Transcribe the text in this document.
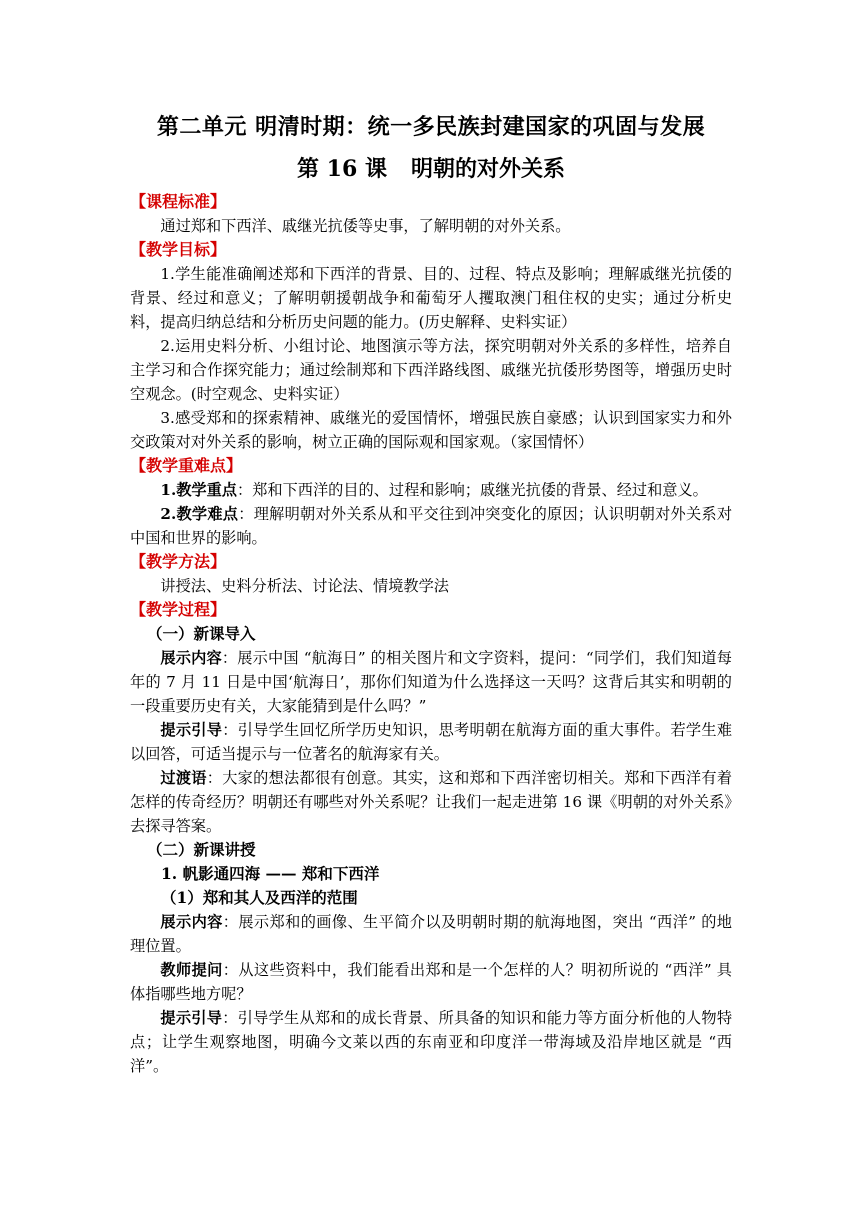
第二单元 明清时期：统一多民族封建国家的巩固与发展
第 16 课 明朝的对外关系

【课程标准】

通过郑和下西洋、戚继光抗倭等史事，了解明朝的对外关系。

【教学目标】

1.学生能准确阐述郑和下西洋的背景、目的、过程、特点及影响；理解戚继光抗倭的背景、经过和意义；了解明朝援朝战争和葡萄牙人攫取澳门租住权的史实；通过分析史料，提高归纳总结和分析历史问题的能力。(历史解释、史料实证）

2.运用史料分析、小组讨论、地图演示等方法，探究明朝对外关系的多样性，培养自主学习和合作探究能力；通过绘制郑和下西洋路线图、戚继光抗倭形势图等，增强历史时空观念。(时空观念、史料实证）

3.感受郑和的探索精神、戚继光的爱国情怀，增强民族自豪感；认识到国家实力和外交政策对对外关系的影响，树立正确的国际观和国家观。（家国情怀）

【教学重难点】

1.教学重点：郑和下西洋的目的、过程和影响；戚继光抗倭的背景、经过和意义。

2.教学难点：理解明朝对外关系从和平交往到冲突变化的原因；认识明朝对外关系对中国和世界的影响。

【教学方法】

讲授法、史料分析法、讨论法、情境教学法

【教学过程】

（一）新课导入

展示内容：展示中国 “航海日” 的相关图片和文字资料，提问：“同学们，我们知道每年的 7 月 11 日是中国‘航海日’，那你们知道为什么选择这一天吗？这背后其实和明朝的一段重要历史有关，大家能猜到是什么吗？”

提示引导：引导学生回忆所学历史知识，思考明朝在航海方面的重大事件。若学生难以回答，可适当提示与一位著名的航海家有关。

过渡语：大家的想法都很有创意。其实，这和郑和下西洋密切相关。郑和下西洋有着怎样的传奇经历？明朝还有哪些对外关系呢？让我们一起走进第 16 课《明朝的对外关系》去探寻答案。

（二）新课讲授

1. 帆影通四海 —— 郑和下西洋

（1）郑和其人及西洋的范围

展示内容：展示郑和的画像、生平简介以及明朝时期的航海地图，突出 “西洋” 的地理位置。

教师提问：从这些资料中，我们能看出郑和是一个怎样的人？明初所说的 “西洋” 具体指哪些地方呢？

提示引导：引导学生从郑和的成长背景、所具备的知识和能力等方面分析他的人物特点；让学生观察地图，明确今文莱以西的东南亚和印度洋一带海域及沿岸地区就是 “西洋”。
